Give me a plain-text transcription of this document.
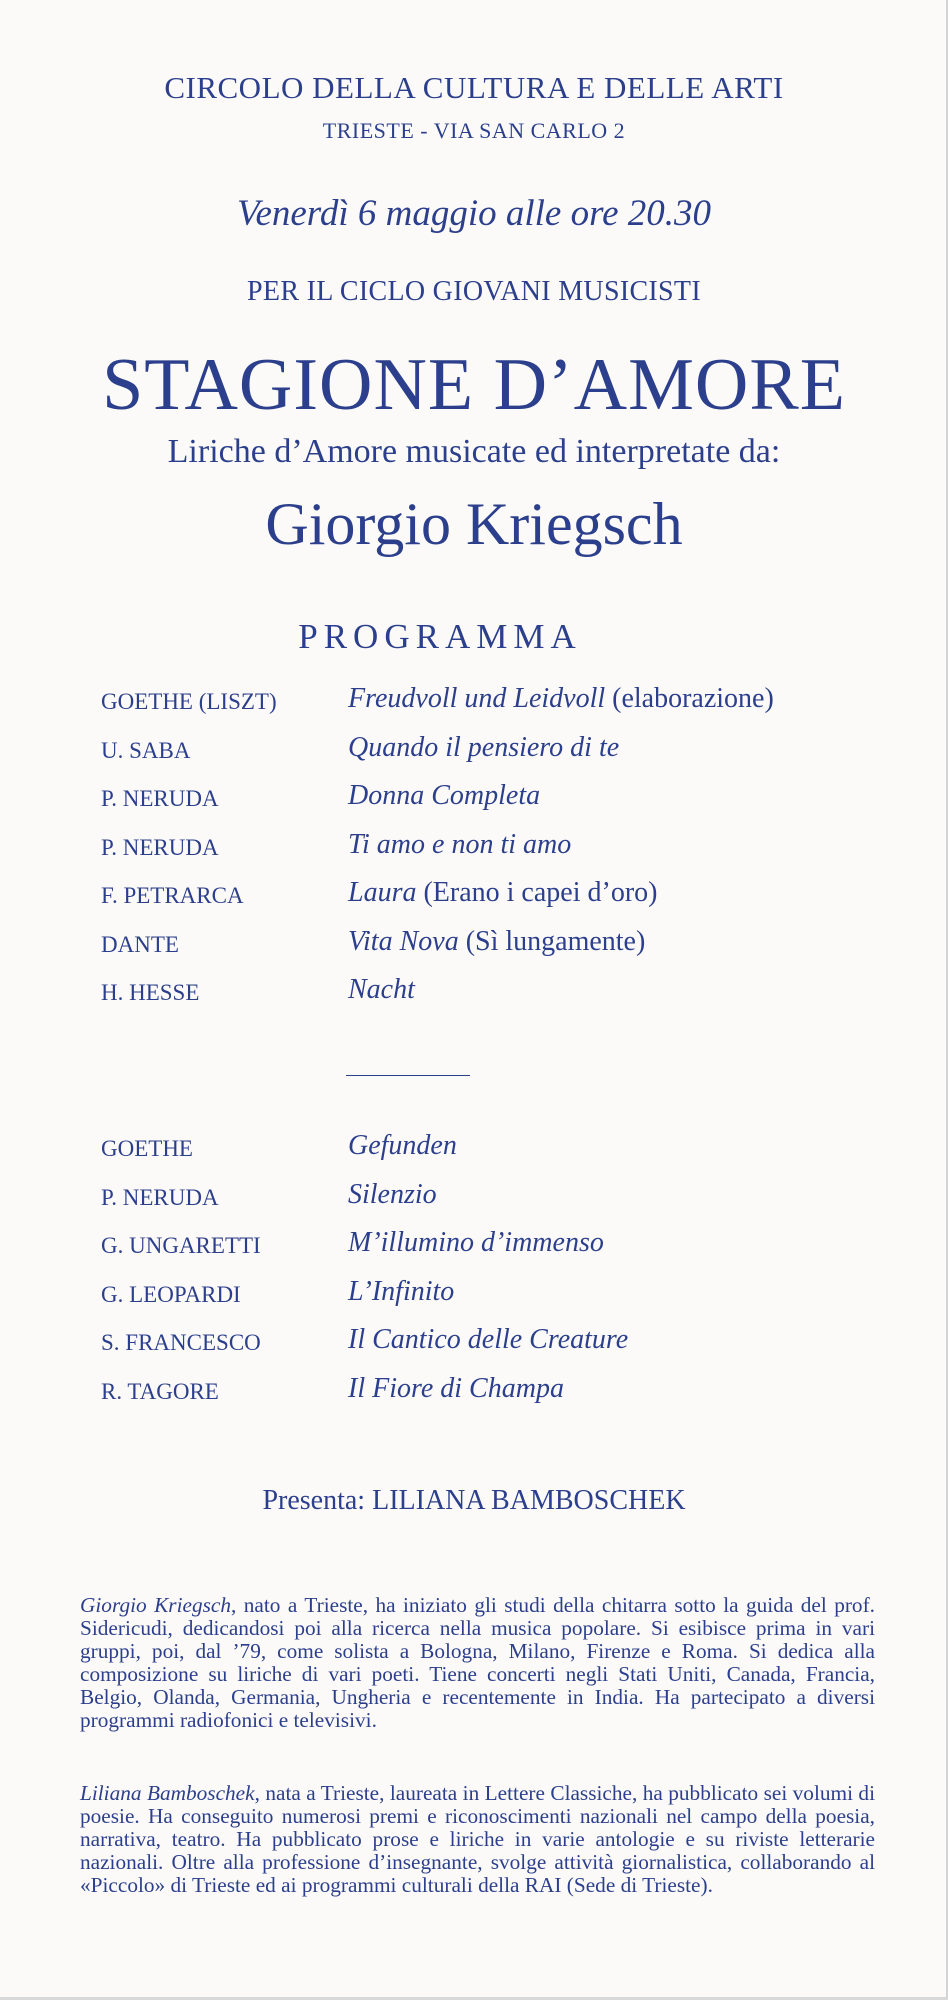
CIRCOLO DELLA CULTURA E DELLE ARTI
TRIESTE - VIA SAN CARLO 2
Venerdì 6 maggio alle ore 20.30
PER IL CICLO GIOVANI MUSICISTI
STAGIONE D’AMORE
Liriche d’Amore musicate ed interpretate da:
Giorgio Kriegsch
PROGRAMMA
GOETHE (LISZT)	Freudvoll und Leidvoll (elaborazione)
U. SABA	Quando il pensiero di te
P. NERUDA	Donna Completa
P. NERUDA	Ti amo e non ti amo
F. PETRARCA	Laura (Erano i capei d’oro)
DANTE	Vita Nova (Sì lungamente)
H. HESSE	Nacht
GOETHE	Gefunden
P. NERUDA	Silenzio
G. UNGARETTI	M’illumino d’immenso
G. LEOPARDI	L’Infinito
S. FRANCESCO	Il Cantico delle Creature
R. TAGORE	Il Fiore di Champa
Presenta: LILIANA BAMBOSCHEK
Giorgio Kriegsch, nato a Trieste, ha iniziato gli studi della chitarra sotto la guida del prof. Sidericudi, dedicandosi poi alla ricerca nella musica popolare. Si esibisce prima in vari gruppi, poi, dal ’79, come solista a Bologna, Milano, Firenze e Roma. Si dedica alla composizione su liriche di vari poeti. Tiene concerti negli Stati Uniti, Canada, Francia, Belgio, Olanda, Germania, Ungheria e recentemente in India. Ha partecipato a diversi programmi radiofonici e televisivi.
Liliana Bamboschek, nata a Trieste, laureata in Lettere Classiche, ha pubblicato sei volumi di poesie. Ha conseguito numerosi premi e riconoscimenti nazionali nel campo della poesia, narrativa, teatro. Ha pubblicato prose e liriche in varie antologie e su riviste letterarie nazionali. Oltre alla professione d’insegnante, svolge attività giornalistica, collaborando al «Piccolo» di Trieste ed ai programmi culturali della RAI (Sede di Trieste).
